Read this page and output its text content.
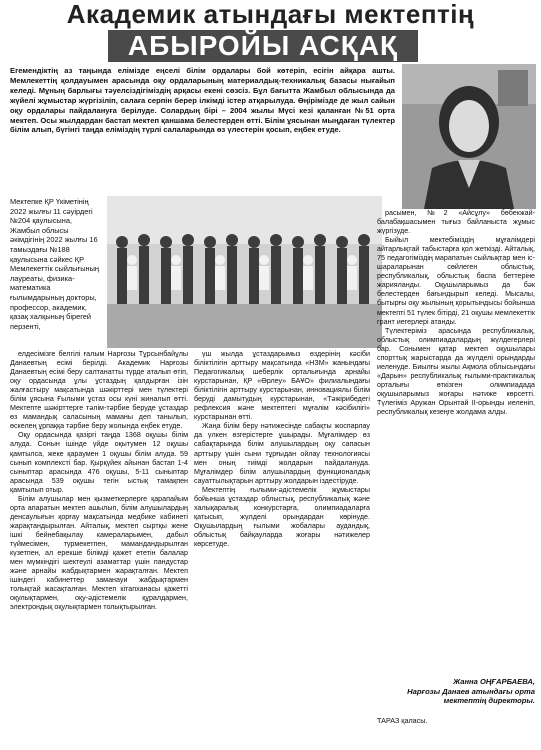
Академик атындағы мектептің
АБЫРОЙЫ АСҚАҚ
Егемендіктің аз таңында елімізде еңселі білім ордалары бой көтеріп, есігін айқара ашты. Мемлекеттің қолдауымен арасында оқу ордаларының материалдық-техникалық базасы нығайып келеді. Мұның барлығы тәуелсіздігіміздің арқасы екені сөзсіз. Бұл бағытта Жамбыл облысында да жүйелі жұмыстар жүргізіліп, салаға серпін берер ілкімді істер атқарылуда. Өңірімізде де жыл сайын оқу ордалары пайдалануға берілуде. Солардың бірі – 2004 жылы Мүсі кезі қаланған №51 орта мектеп. Осы жылдардан бастап мектеп қаншама белестерден өтті. Білім ұясынан мыңдаған түлектер білім алып, бүгінгі таңда еліміздің түрлі салаларында өз үлестерін қосып, еңбек етуде.
Мектепке ҚР Үкіметінің 2022 жылғы 11 сәуірдегі №204 қаулысына, Жамбыл облысы әкімдігінің 2022 жылғы 16 тамыздағы №188 қаулысына сәйкес ҚР Мемлекеттік сыйлығының лауреаты, физика-математика ғылымдарының докторы, профессор, академик, қазақ халқының бірегей перзенті,

елдесімізге белгілі ғалым Нарғозы Тұрсынбайұлы Данаевтың есімі берілді. Академик Нарғозы Данаевтың есімі беру салтанатты түрде аталып өтіп, оқу ордасында ұлы ұстаздың қалдырған ізін жалғастыру мақсатында шәкірттері мен түлектері білім ұясына Ғылыми ұстаз осы күні жиналып өтті. Мектепте шәкірттерге тәлім-тәрбие беруде ұстаздар өз мамандық саласының маманы деп танылып, өскелең ұрпаққа тәрбие беру жолында еңбек етуде.

Оқу ордасында қазіргі таңда 1368 оқушы білім алуда. Сонын ішінде үйде оқытумен 12 оқушы қамтылса, жеке қараумен 1 оқушы білім алуда. 59 сынып комплексті бар. Қырқүйек айынан бастап 1-4 сыныптар арасында 476 оқушы, 5-11 сыныптар арасында 539 оқушы тегін ыстық тамақпен қамтылып отыр.

Білім алушылар мен қызметкерлерге қарапайым орта апаратын мектеп ашылып, білім алушылардың денсаулығын қорғау мақсатында медбике кабинеті жарақтандырылған. Айталық, мектеп сыртқы жене ішкі бейнебақылау камераларымен, дабыл түймесімен, түрмекетпен, мамандандырылған күзетпен, ал ерекше білімді қажет ететін балалар мен мүмкіндігі шектеулі азаматтар үшін пандустар және арнайы жабдықтармен жарақталған. Мектеп ішіндегі кабинеттер заманауи жабдықтармен толықтай жасақталған. Мектеп кітапханасы қажетті оқулықтармен, оқу-әдістемелік құралдармен, электрондық оқулықтармен толықтырылған.

үш жылда ұстаздарымыз өздерінің кәсіби біліктілігін арттыру мақсатында «НЗМ» жанындағы Педагогикалық шеберлік орталығында арнайы курстарынан, ҚР «Өрлеу» БАҰО» филиалындағы біліктілігін арттыру курстарынан, инновациялы білім беруді дамытудың курстарынан, «Тәжірибедегі рефлексия және мектептегі мұғалім кәсібилігі» курстарынан өтті.

Жаңа білім беру нәтижесінде сабақты жоспарлау да үлкен өзгерістерге ұшырады. Мұғалімдер өз сабақтарында білім алушылардың оқу сапасын арттыру үшін сыни тұрғыдан ойлау технологиясы мен оның тиімді жолдарын пайдалануда. Мұғалімдер білім алушылардың функционалдық сауаттылықтарын арттыру жолдарын іздестіруде.

Мектептің ғылыми-әдістемелік жұмыстары бойынша ұстаздар облыстық, республикалық және халықаралық конкурстарға, олимпиадаларға қатысып, жүлделі орындардан көрінуде. Оқушылардың ғылыми жобалары аудандық, облыстық байқауларда жоғары нәтижелер көрсетуде.

расымен, №2 «Айсұлу» бөбекжай-балабақшасымен тығыз байланыста жұмыс жүргізуде.

Быйыл мектебіміздің мұғалімдері айтарлықтай табыстарға қол жеткізді. Айталық, 75 педагогіміздің марапатын сыйлықтар мен іс-шараларынан сөйлеген облыстық, республикалық, облыстық баспа беттеріне жарияланды. Оқушыларымыз да бәк белестерден бағындырып келеді. Мысалы, бытырғы оқу жылының қорытындысы бойынша мектепті 51 түлек бітірді, 21 оқушы мемлекеттік грант иегерлері атанды.

Түлектеріміз арасында республикалық, облыстық олимпиадалардың жүлдегерлері бар. Сонымен қатар мектеп оқушылары спорттық жарыстарда да жүлделі орындарды иеленуде. Биылғы жылы Ақмола облысындағы «Дарын» республикалық ғылыми-практикалық орталығы өткізген олимпиадада оқушыларымыз жоғары нәтиже көрсетті. Түлегіміз Аружан Орынтай ІІ-орынды иеленіп, республикалық кезеңге жолдама алды.

Жанна ОҢҒАРБАЕВА,
Нарғозы Данаев атындағы орта мектептің директоры.
ТАРАЗ қаласы.
